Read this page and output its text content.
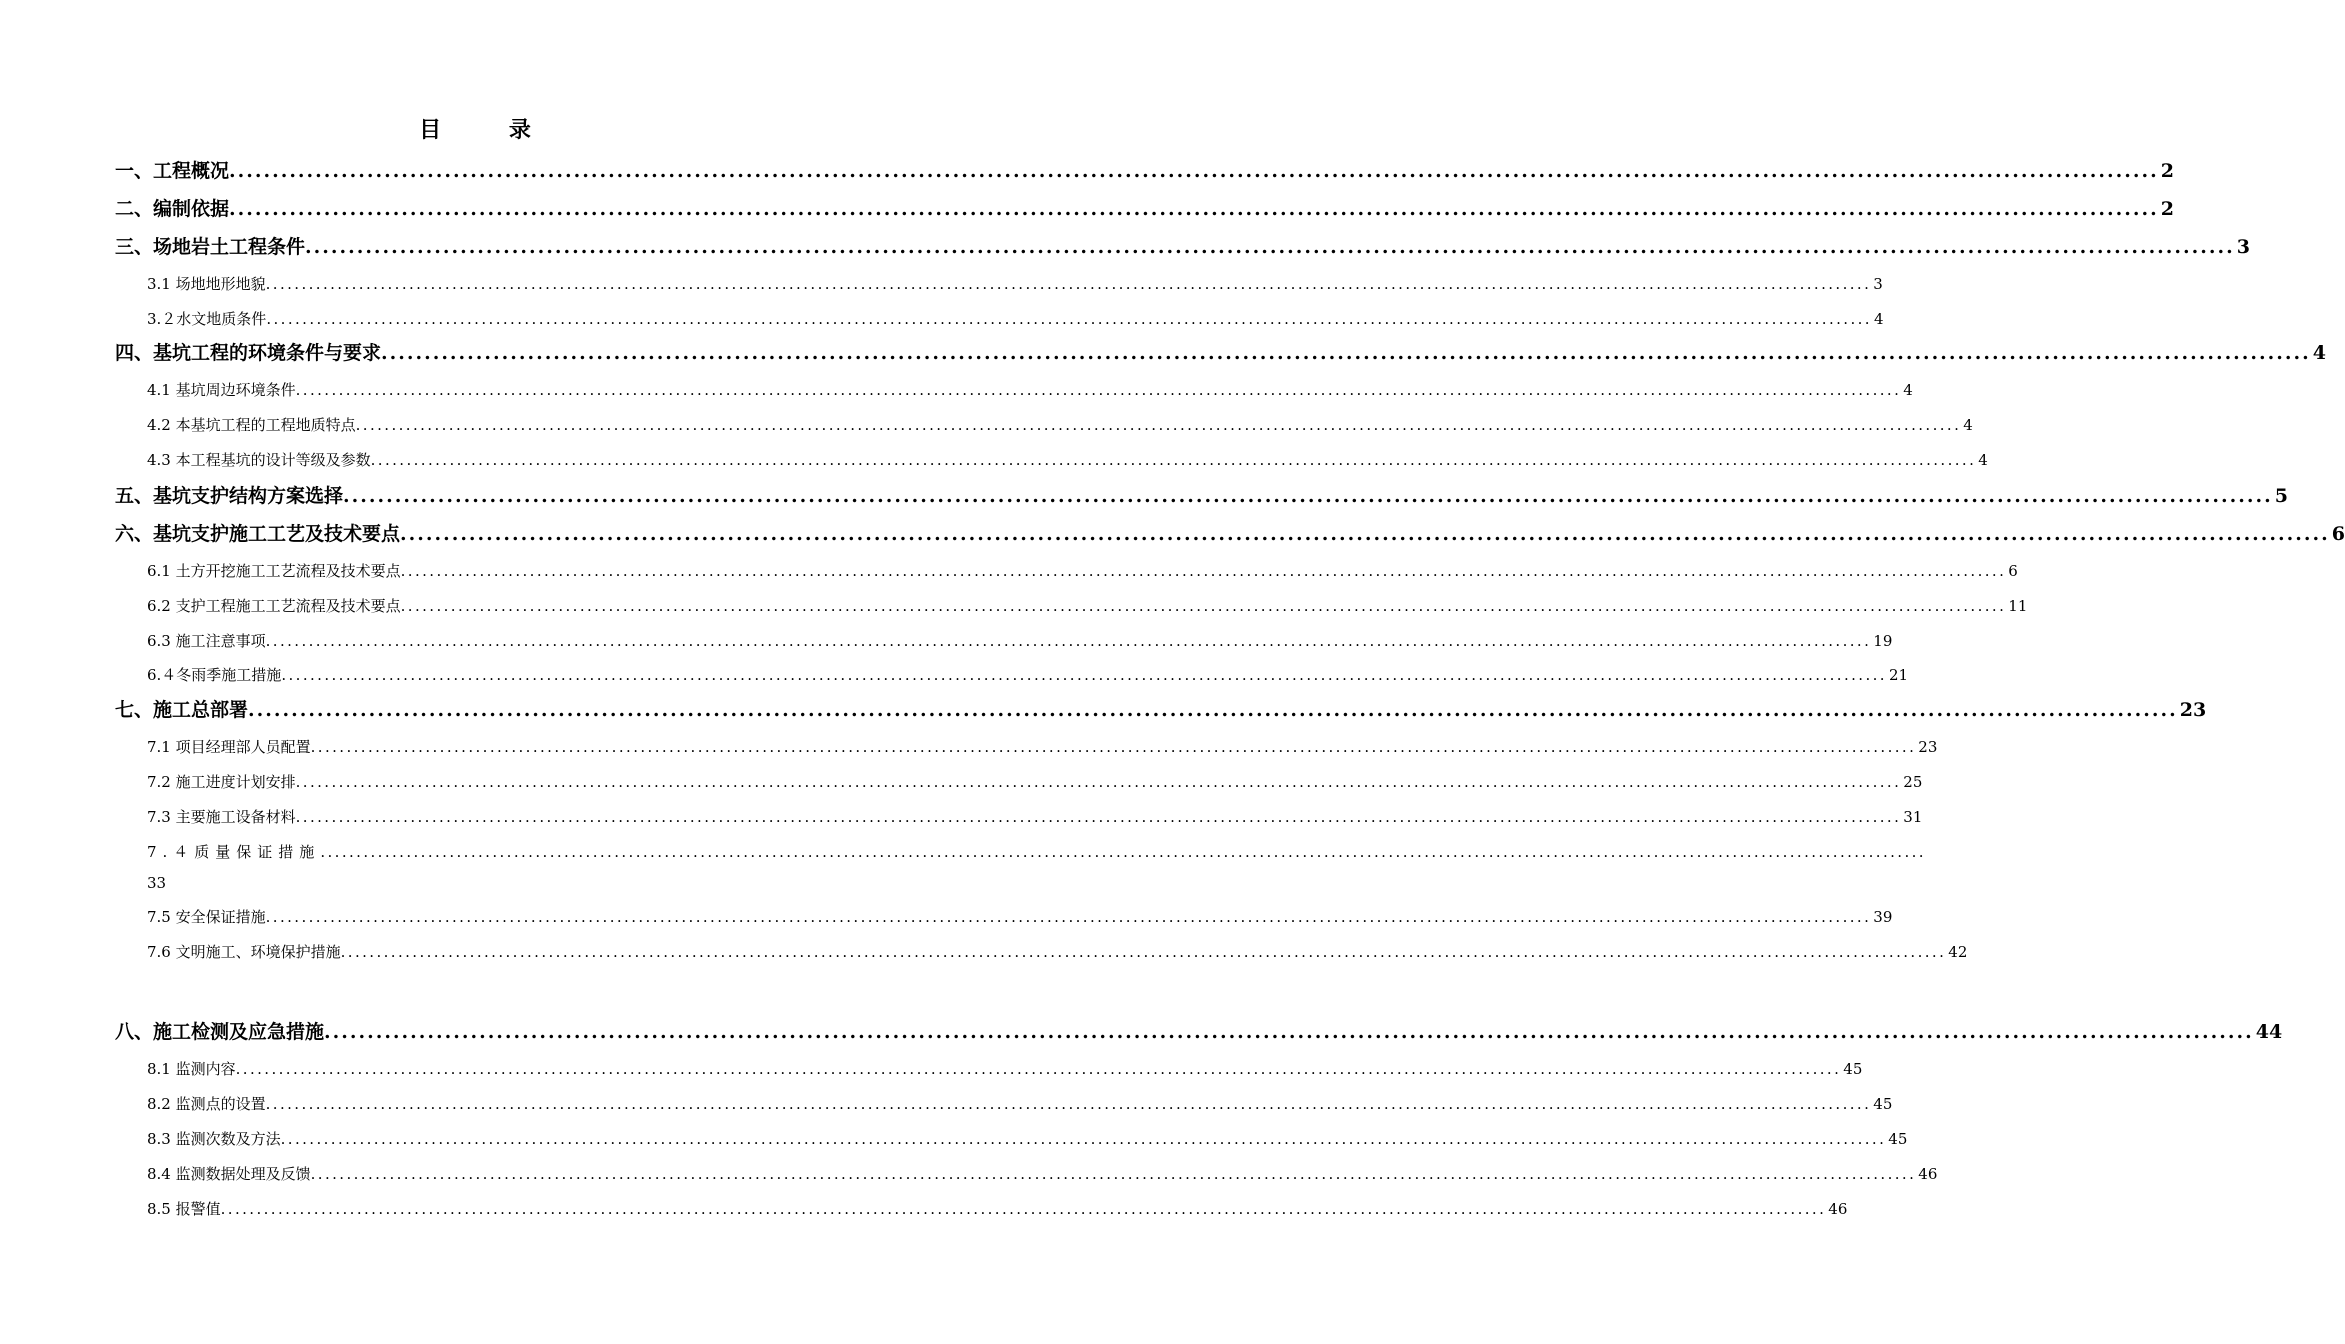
目 录
一、工程概况 ................................................................................................................................................................................................................................ 2
二、编制依据 ................................................................................................................................................................................................................................ 2
三、场地岩土工程条件 ................................................................................................................................................................................................................................ 3
3.1 场地地形地貌 ................................................................................................................................................................................................................................ 3
3.２水文地质条件 ................................................................................................................................................................................................................................ 4
四、基坑工程的环境条件与要求 ................................................................................................................................................................................................................................ 4
4.1 基坑周边环境条件 ................................................................................................................................................................................................................................ 4
4.2 本基坑工程的工程地质特点 ................................................................................................................................................................................................................................ 4
4.3 本工程基坑的设计等级及参数 ................................................................................................................................................................................................................................ 4
五、基坑支护结构方案选择 ................................................................................................................................................................................................................................ 5
六、基坑支护施工工艺及技术要点 ................................................................................................................................................................................................................................ 6
6.1 土方开挖施工工艺流程及技术要点 ................................................................................................................................................................................................................................ 6
6.2 支护工程施工工艺流程及技术要点 ................................................................................................................................................................................................................................ 11
6.3 施工注意事项 ................................................................................................................................................................................................................................ 19
6.４冬雨季施工措施 ................................................................................................................................................................................................................................ 21
七、施工总部署 ................................................................................................................................................................................................................................ 23
7.1 项目经理部人员配置 ................................................................................................................................................................................................................................ 23
7.2 施工进度计划安排 ................................................................................................................................................................................................................................ 25
7.3 主要施工设备材料 ................................................................................................................................................................................................................................ 31
7.４质量保证措施................................................................................................................................................................................................................................
33
7.5 安全保证措施 ................................................................................................................................................................................................................................ 39
7.6 文明施工、环境保护措施 ................................................................................................................................................................................................................................ 42
八、施工检测及应急措施 ................................................................................................................................................................................................................................ 44
8.1 监测内容 ................................................................................................................................................................................................................................ 45
8.2 监测点的设置 ................................................................................................................................................................................................................................ 45
8.3 监测次数及方法 ................................................................................................................................................................................................................................ 45
8.4 监测数据处理及反馈 ................................................................................................................................................................................................................................ 46
8.5 报警值 ................................................................................................................................................................................................................................ 46
